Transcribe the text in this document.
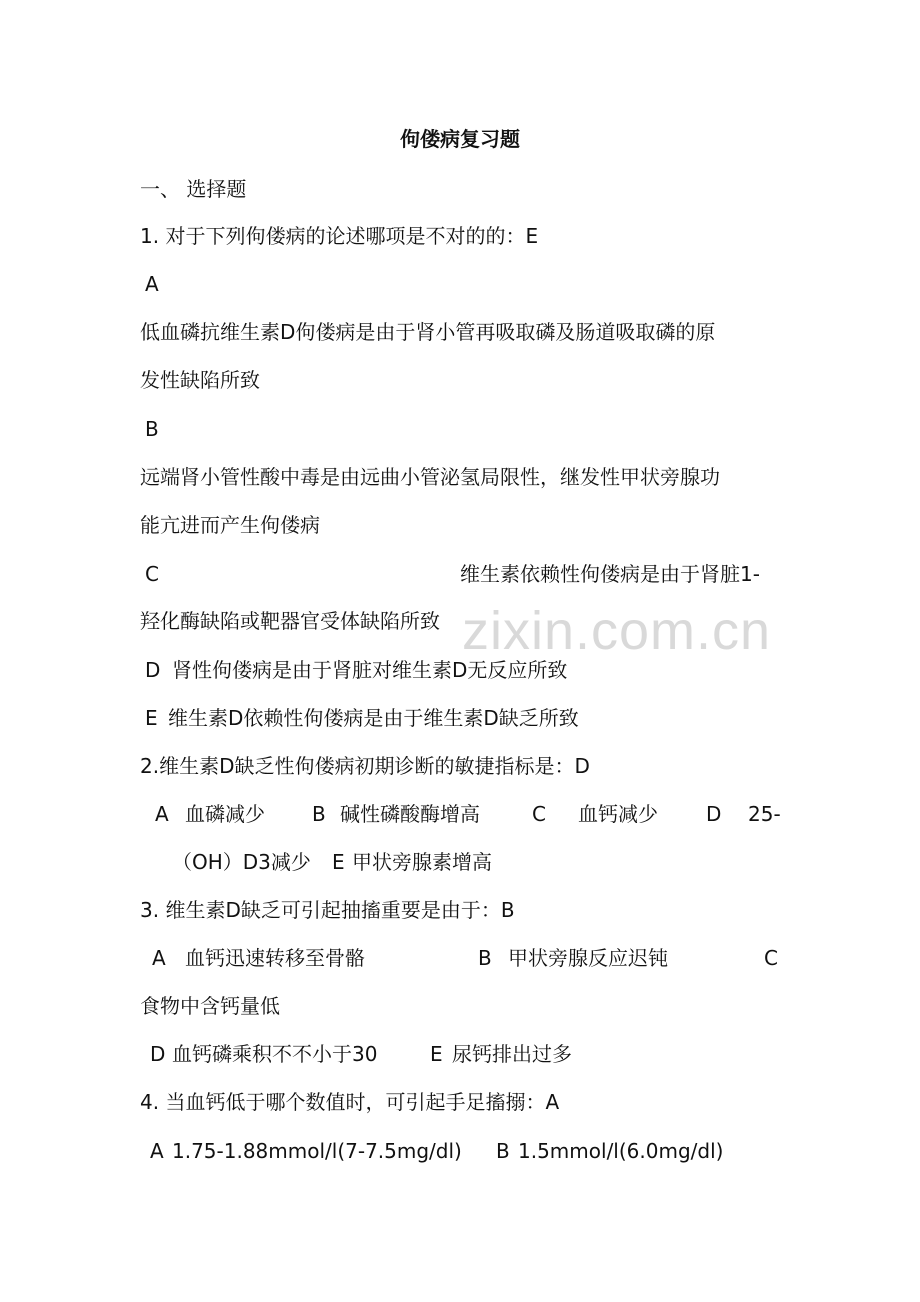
zixin.com.cn
佝偻病复习题
一、 选择题
1. 对于下列佝偻病的论述哪项是不对的的：E
A
低血磷抗维生素D佝偻病是由于肾小管再吸取磷及肠道吸取磷的原
发性缺陷所致
B
远端肾小管性酸中毒是由远曲小管泌氢局限性，继发性甲状旁腺功
能亢进而产生佝偻病
C	维生素依赖性佝偻病是由于肾脏1-
羟化酶缺陷或靶器官受体缺陷所致
D 肾性佝偻病是由于肾脏对维生素D无反应所致
E 维生素D依赖性佝偻病是由于维生素D缺乏所致
2.维生素D缺乏性佝偻病初期诊断的敏捷指标是：D
A 血磷减少 B 碱性磷酸酶增高	C 血钙减少 D 25-
（OH）D3减少 E 甲状旁腺素增高
3. 维生素D缺乏可引起抽搐重要是由于：B
A 血钙迅速转移至骨骼	B 甲状旁腺反应迟钝	C
食物中含钙量低
D 血钙磷乘积不不小于30	E 尿钙排出过多
4. 当血钙低于哪个数值时，可引起手足搐搦：A
A 1.75-1.88mmol/l(7-7.5mg/dl) B 1.5mmol/l(6.0mg/dl)
